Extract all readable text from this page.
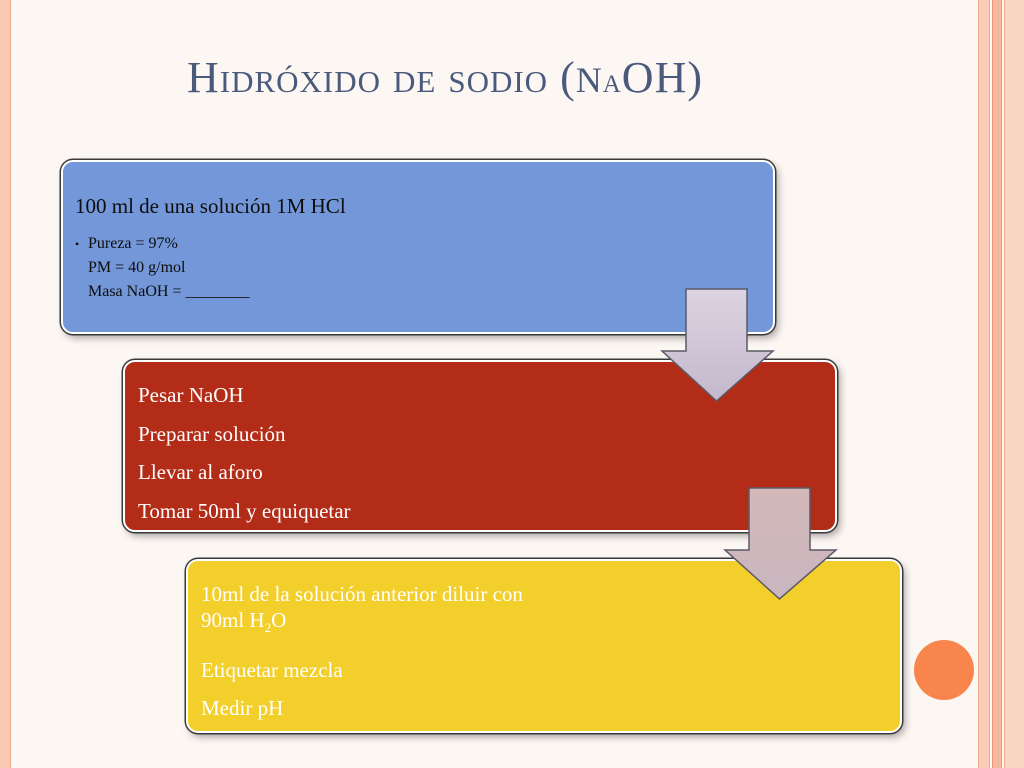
Hidróxido de sodio (NaOH)

100 ml de una solución 1M HCl

• Pureza = 97%
PM = 40 g/mol
Masa NaOH = ________
Pesar NaOH
Preparar solución
Llevar al aforo
Tomar 50ml y equiquetar
10ml de la solución anterior diluir con
90ml $H_2O$
Etiquetar mezcla
Medir pH
